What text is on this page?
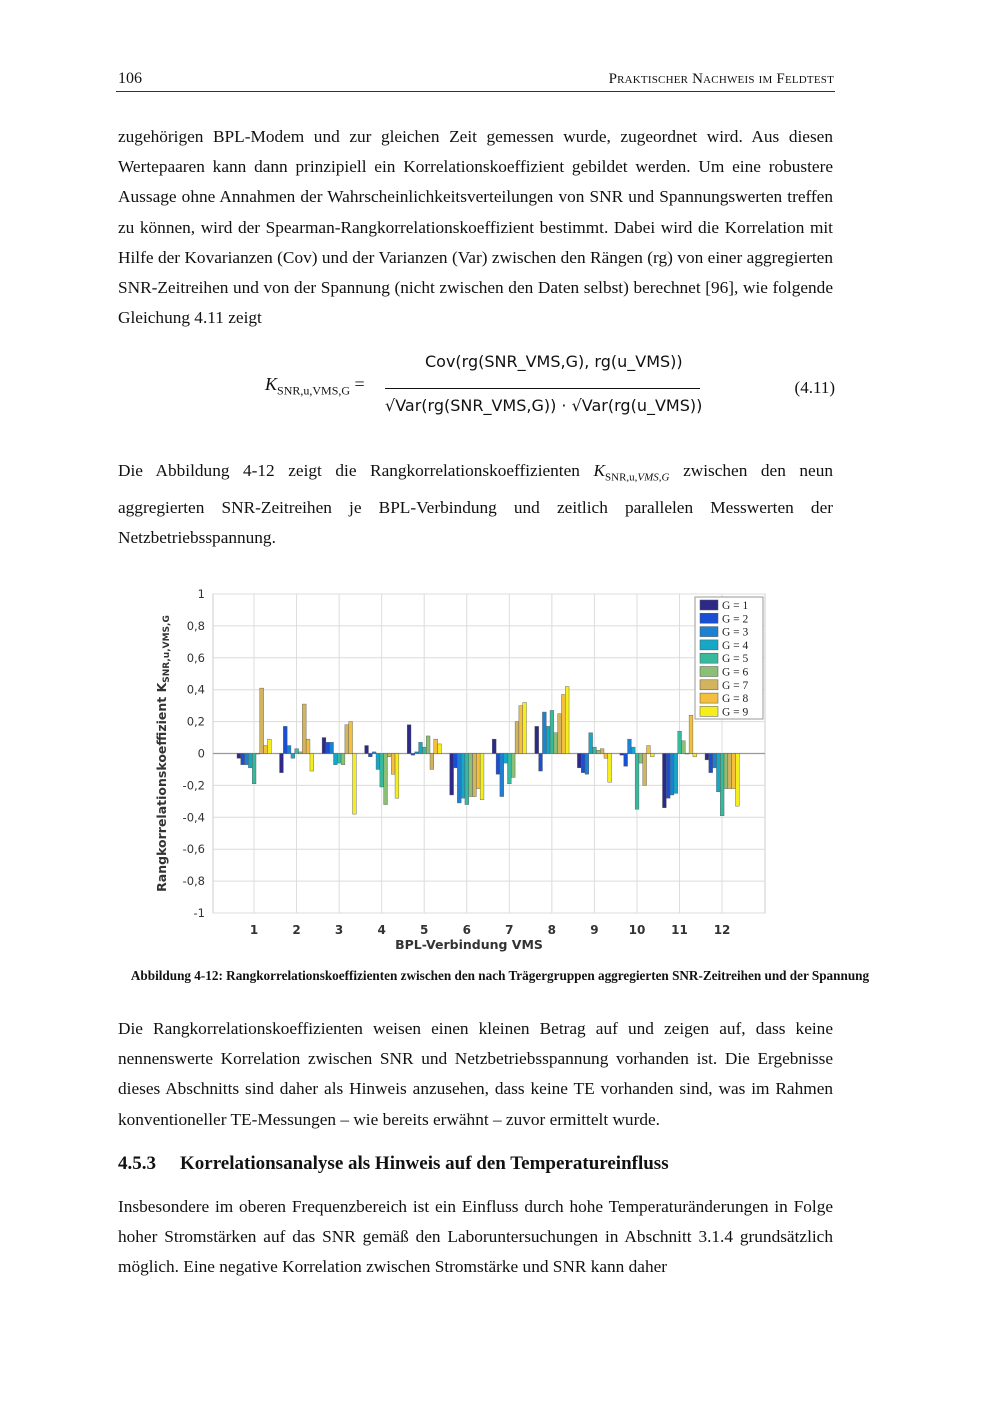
106	Praktischer Nachweis im Feldtest

zugehörigen BPL-Modem und zur gleichen Zeit gemessen wurde, zugeordnet wird. Aus diesen Wertepaaren kann dann prinzipiell ein Korrelationskoeffizient gebildet werden. Um eine robustere Aussage ohne Annahmen der Wahrscheinlichkeitsverteilungen von SNR und Spannungswerten treffen zu können, wird der Spearman-Rangkorrelationskoeffizient bestimmt. Dabei wird die Korrelation mit Hilfe der Kovarianzen (Cov) und der Varianzen (Var) zwischen den Rängen (rg) von einer aggregierten SNR-Zeitreihen und von der Spannung (nicht zwischen den Daten selbst) berechnet [96], wie folgende Gleichung 4.11 zeigt

$K_{SNR,u,VMS,G}$ =
Cov(rg(SNR_VMS,G), rg(u_VMS))
√Var(rg(SNR_VMS,G)) · √Var(rg(u_VMS))
(4.11)

Die Abbildung 4-12 zeigt die Rangkorrelationskoeffizienten $K_{SNR,u,VMS,G}$ zwischen den neun aggregierten SNR-Zeitreihen je BPL-Verbindung und zeitlich parallelen Messwerten der Netzbetriebsspannung.

1
0,8
0,6
0,4
0,2
0
-0,2
-0,4
-0,6
-0,8
-1
1	2	3	4	5	6	7	8	9	10 11 12
BPL-Verbindung VMS
Rangkorrelationskoeffizient $K_{SNR,u,VMS,G}$
G = 1
G = 2
G = 3
G = 4
G = 5
G = 6
G = 7
G = 8
G = 9
Abbildung 4-12: Rangkorrelationskoeffizienten zwischen den nach Trägergruppen aggregierten SNR-Zeitreihen und der Spannung

Die Rangkorrelationskoeffizienten weisen einen kleinen Betrag auf und zeigen auf, dass keine nennenswerte Korrelation zwischen SNR und Netzbetriebsspannung vorhanden ist. Die Ergebnisse dieses Abschnitts sind daher als Hinweis anzusehen, dass keine TE vorhanden sind, was im Rahmen konventioneller TE-Messungen – wie bereits erwähnt – zuvor ermittelt wurde.

4.5.3 Korrelationsanalyse als Hinweis auf den Temperatureinfluss

Insbesondere im oberen Frequenzbereich ist ein Einfluss durch hohe Temperaturänderungen in Folge hoher Stromstärken auf das SNR gemäß den Laboruntersuchungen in Abschnitt 3.1.4 grundsätzlich möglich. Eine negative Korrelation zwischen Stromstärke und SNR kann daher
